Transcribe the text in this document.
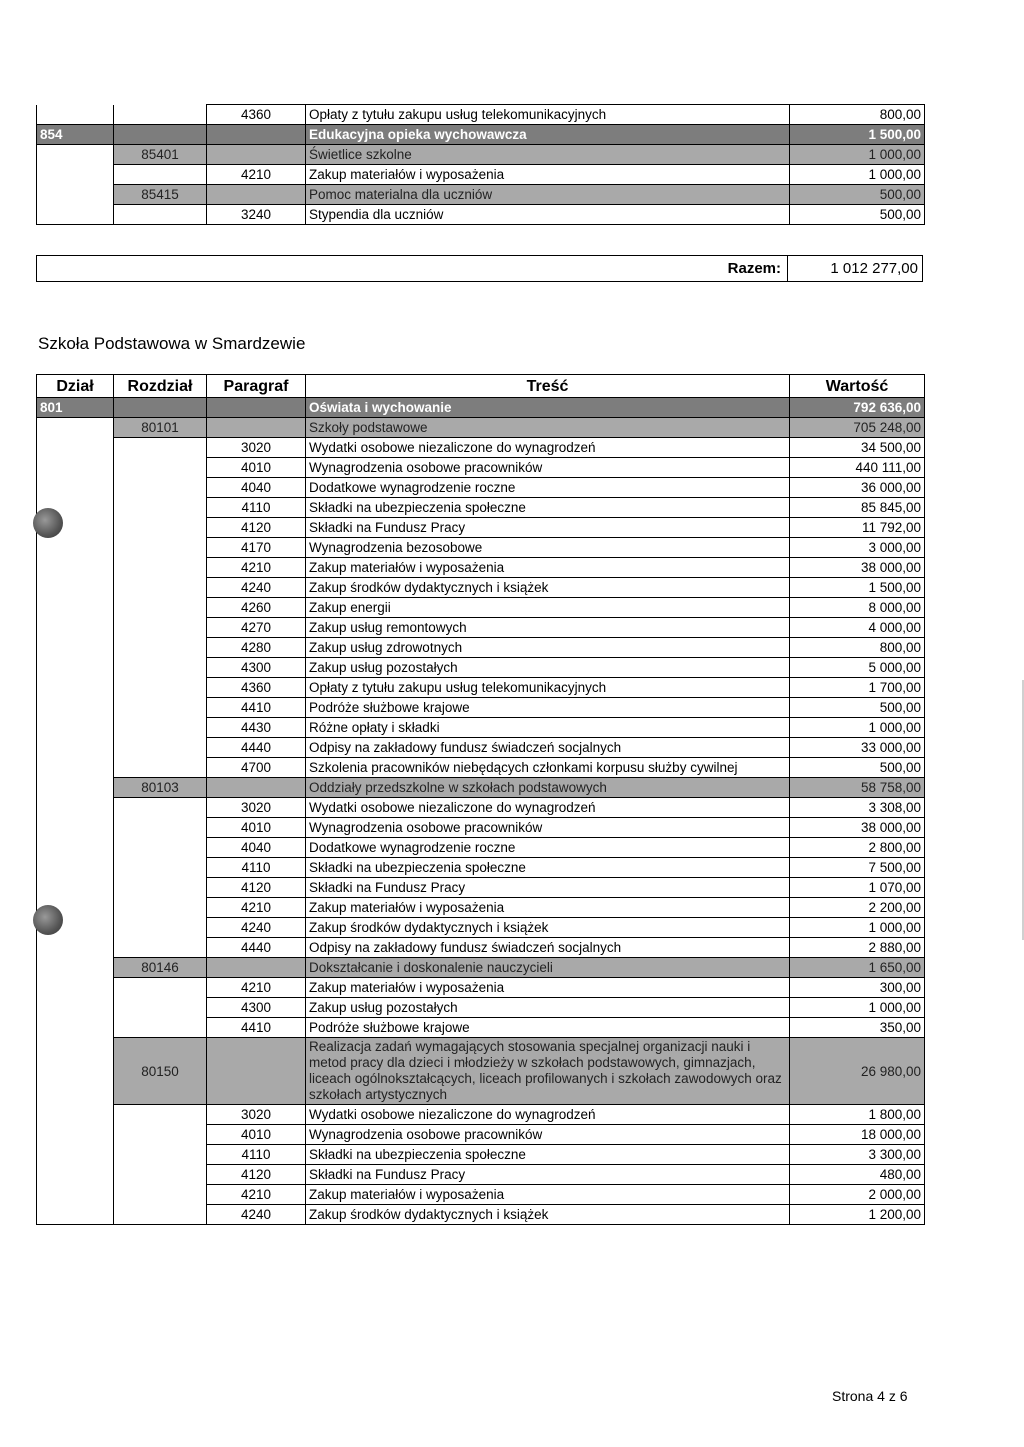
		4360	Opłaty z tytułu zakupu usług telekomunikacyjnych	800,00
854			Edukacyjna opieka wychowawcza	1 500,00
	85401		Świetlice szkolne	1 000,00
		4210	Zakup materiałów i wyposażenia	1 000,00
	85415		Pomoc materialna dla uczniów	500,00
		3240	Stypendia dla uczniów	500,00
Razem:	1 012 277,00
Szkoła Podstawowa w Smardzewie
Dział	Rozdział	Paragraf	Treść	Wartość
801			Oświata i wychowanie	792 636,00
	80101		Szkoły podstawowe	705 248,00
		3020	Wydatki osobowe niezaliczone do wynagrodzeń	34 500,00
		4010	Wynagrodzenia osobowe pracowników	440 111,00
		4040	Dodatkowe wynagrodzenie roczne	36 000,00
		4110	Składki na ubezpieczenia społeczne	85 845,00
		4120	Składki na Fundusz Pracy	11 792,00
		4170	Wynagrodzenia bezosobowe	3 000,00
		4210	Zakup materiałów i wyposażenia	38 000,00
		4240	Zakup środków dydaktycznych i książek	1 500,00
		4260	Zakup energii	8 000,00
		4270	Zakup usług remontowych	4 000,00
		4280	Zakup usług zdrowotnych	800,00
		4300	Zakup usług pozostałych	5 000,00
		4360	Opłaty z tytułu zakupu usług telekomunikacyjnych	1 700,00
		4410	Podróże służbowe krajowe	500,00
		4430	Różne opłaty i składki	1 000,00
		4440	Odpisy na zakładowy fundusz świadczeń socjalnych	33 000,00
		4700	Szkolenia pracowników niebędących członkami korpusu służby cywilnej	500,00
	80103		Oddziały przedszkolne w szkołach podstawowych	58 758,00
		3020	Wydatki osobowe niezaliczone do wynagrodzeń	3 308,00
		4010	Wynagrodzenia osobowe pracowników	38 000,00
		4040	Dodatkowe wynagrodzenie roczne	2 800,00
		4110	Składki na ubezpieczenia społeczne	7 500,00
		4120	Składki na Fundusz Pracy	1 070,00
		4210	Zakup materiałów i wyposażenia	2 200,00
		4240	Zakup środków dydaktycznych i książek	1 000,00
		4440	Odpisy na zakładowy fundusz świadczeń socjalnych	2 880,00
	80146		Dokształcanie i doskonalenie nauczycieli	1 650,00
		4210	Zakup materiałów i wyposażenia	300,00
		4300	Zakup usług pozostałych	1 000,00
		4410	Podróże służbowe krajowe	350,00
	80150		Realizacja zadań wymagających stosowania specjalnej organizacji nauki i metod pracy dla dzieci i młodzieży w szkołach podstawowych, gimnazjach, liceach ogólnokształcących, liceach profilowanych i szkołach zawodowych oraz szkołach artystycznych	26 980,00
		3020	Wydatki osobowe niezaliczone do wynagrodzeń	1 800,00
		4010	Wynagrodzenia osobowe pracowników	18 000,00
		4110	Składki na ubezpieczenia społeczne	3 300,00
		4120	Składki na Fundusz Pracy	480,00
		4210	Zakup materiałów i wyposażenia	2 000,00
		4240	Zakup środków dydaktycznych i książek	1 200,00
Strona 4 z 6
